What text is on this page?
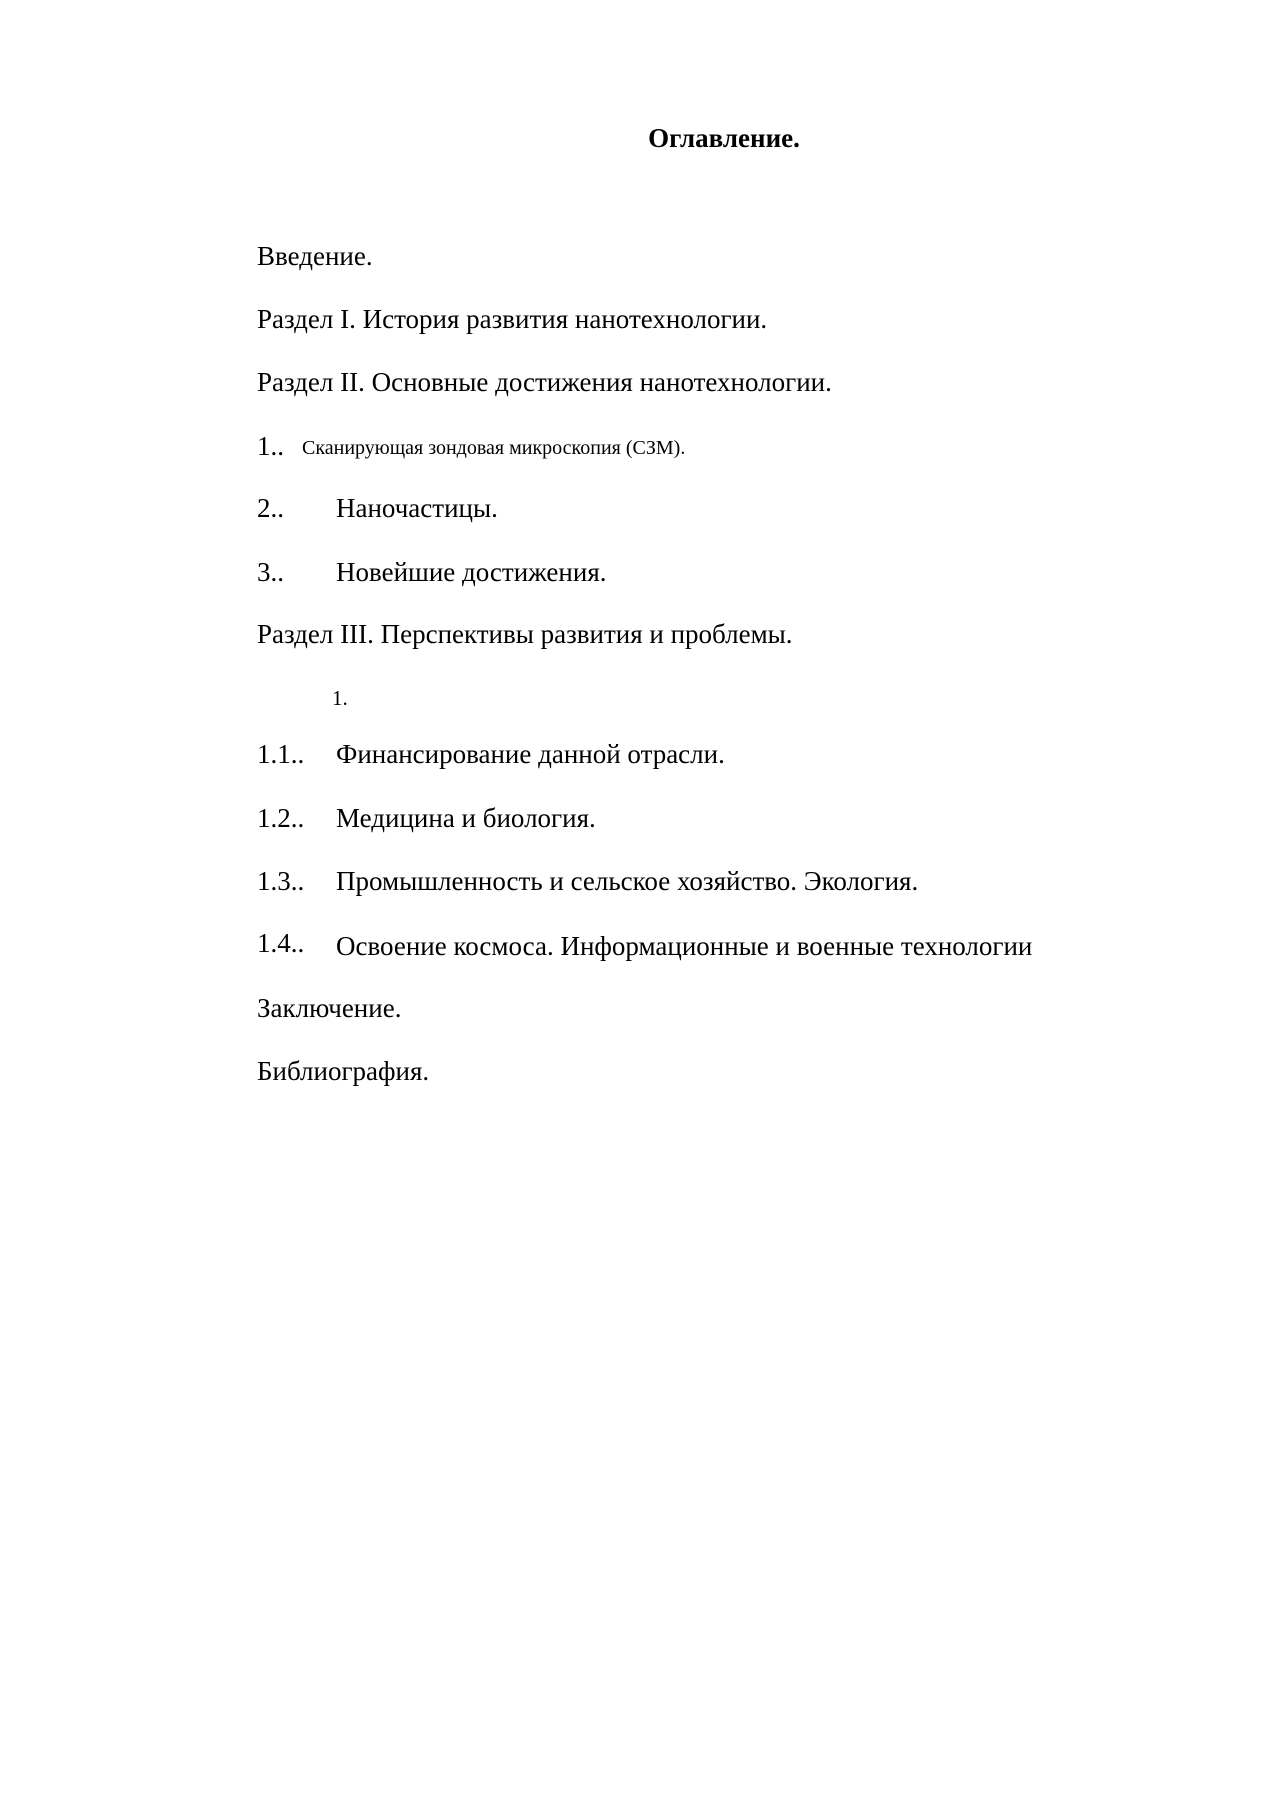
Оглавление.
Введение.
Раздел I. История развития нанотехнологии.
Раздел II. Основные достижения нанотехнологии.
1.. Сканирующая зондовая микроскопия (СЗМ).
2.. Наночастицы.
3.. Новейшие достижения.
Раздел III. Перспективы развития и проблемы.
1.
1.1.. Финансирование данной отрасли.
1.2.. Медицина и биология.
1.3.. Промышленность и сельское хозяйство. Экология.
1.4.. Освоение космоса. Информационные и военные технологии
Заключение.
Библиография.
